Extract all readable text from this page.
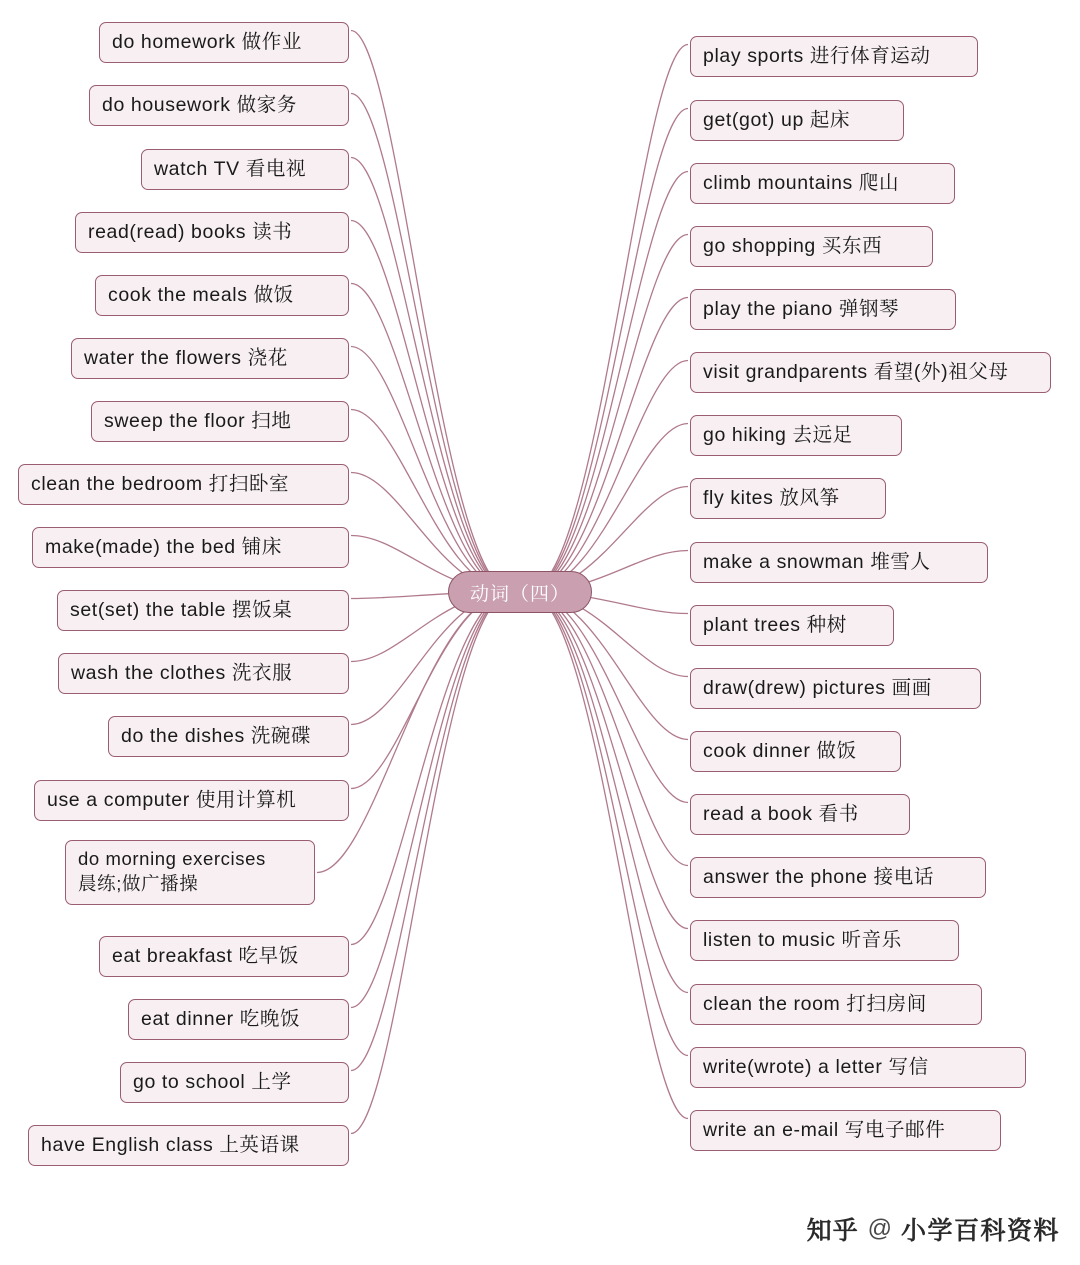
do homework 做作业
do housework 做家务
watch TV 看电视
read(read) books 读书
cook the meals 做饭
water the flowers 浇花
sweep the floor 扫地
clean the bedroom 打扫卧室
make(made) the bed 铺床
set(set) the table 摆饭桌
wash the clothes 洗衣服
do the dishes 洗碗碟
use a computer 使用计算机
do morning exercises
晨练;做广播操
eat breakfast 吃早饭
eat dinner 吃晚饭
go to school 上学
have English class 上英语课
play sports 进行体育运动
get(got) up 起床
climb mountains 爬山
go shopping 买东西
play the piano 弹钢琴
visit grandparents 看望(外)祖父母
go hiking 去远足
fly kites 放风筝
make a snowman 堆雪人
plant trees 种树
draw(drew) pictures 画画
cook dinner 做饭
read a book 看书
answer the phone 接电话
listen to music 听音乐
clean the room 打扫房间
write(wrote) a letter 写信
write an e-mail 写电子邮件
动词（四）
知乎 @ 小学百科资料
